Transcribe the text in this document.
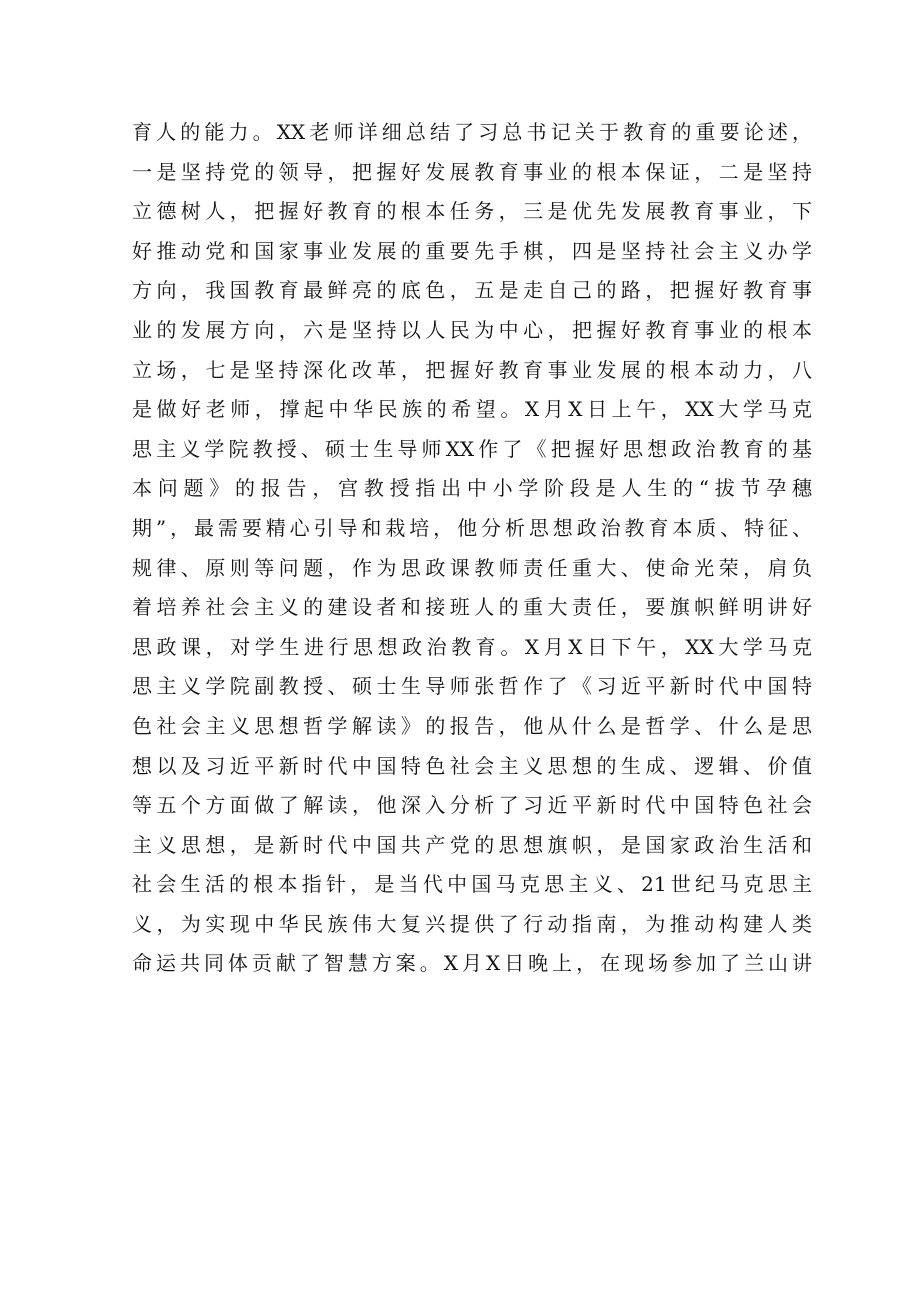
育人的能力。XX老师详细总结了习总书记关于教育的重要论述，
一是坚持党的领导，把握好发展教育事业的根本保证，二是坚持
立德树人，把握好教育的根本任务，三是优先发展教育事业，下
好推动党和国家事业发展的重要先手棋，四是坚持社会主义办学
方向，我国教育最鲜亮的底色，五是走自己的路，把握好教育事
业的发展方向，六是坚持以人民为中心，把握好教育事业的根本
立场，七是坚持深化改革，把握好教育事业发展的根本动力，八
是做好老师，撑起中华民族的希望。X月X日上午，XX大学马克
思主义学院教授、硕士生导师XX作了《把握好思想政治教育的基
本问题》的报告，宫教授指出中小学阶段是人生的“拔节孕穗
期”，最需要精心引导和栽培，他分析思想政治教育本质、特征、
规律、原则等问题，作为思政课教师责任重大、使命光荣，肩负
着培养社会主义的建设者和接班人的重大责任，要旗帜鲜明讲好
思政课，对学生进行思想政治教育。X月X日下午，XX大学马克
思主义学院副教授、硕士生导师张哲作了《习近平新时代中国特
色社会主义思想哲学解读》的报告，他从什么是哲学、什么是思
想以及习近平新时代中国特色社会主义思想的生成、逻辑、价值
等五个方面做了解读，他深入分析了习近平新时代中国特色社会
主义思想，是新时代中国共产党的思想旗帜，是国家政治生活和
社会生活的根本指针，是当代中国马克思主义、21世纪马克思主
义，为实现中华民族伟大复兴提供了行动指南，为推动构建人类
命运共同体贡献了智慧方案。X月X日晚上，在现场参加了兰山讲
